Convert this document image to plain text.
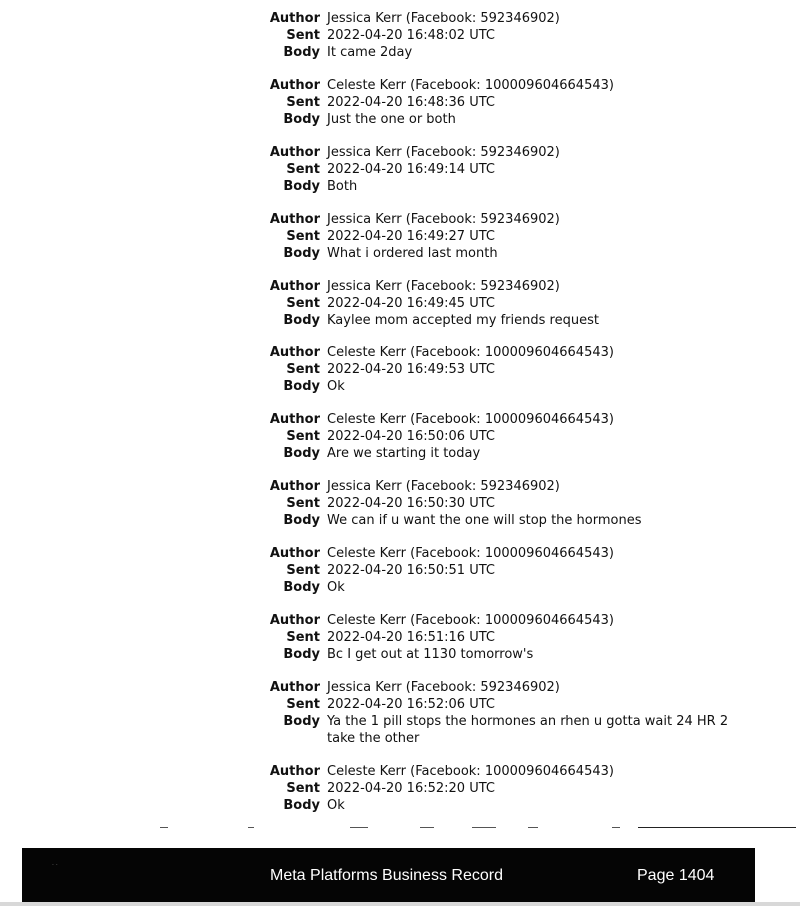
Author Jessica Kerr (Facebook: 592346902)
Sent 2022-04-20 16:48:02 UTC
Body It came 2day
Author Celeste Kerr (Facebook: 100009604664543)
Sent 2022-04-20 16:48:36 UTC
Body Just the one or both
Author Jessica Kerr (Facebook: 592346902)
Sent 2022-04-20 16:49:14 UTC
Body Both
Author Jessica Kerr (Facebook: 592346902)
Sent 2022-04-20 16:49:27 UTC
Body What i ordered last month
Author Jessica Kerr (Facebook: 592346902)
Sent 2022-04-20 16:49:45 UTC
Body Kaylee mom accepted my friends request
Author Celeste Kerr (Facebook: 100009604664543)
Sent 2022-04-20 16:49:53 UTC
Body Ok
Author Celeste Kerr (Facebook: 100009604664543)
Sent 2022-04-20 16:50:06 UTC
Body Are we starting it today
Author Jessica Kerr (Facebook: 592346902)
Sent 2022-04-20 16:50:30 UTC
Body We can if u want the one will stop the hormones
Author Celeste Kerr (Facebook: 100009604664543)
Sent 2022-04-20 16:50:51 UTC
Body Ok
Author Celeste Kerr (Facebook: 100009604664543)
Sent 2022-04-20 16:51:16 UTC
Body Bc I get out at 1130 tomorrow's
Author Jessica Kerr (Facebook: 592346902)
Sent 2022-04-20 16:52:06 UTC
Body Ya the 1 pill stops the hormones an rhen u gotta wait 24 HR 2 take the other
Author Celeste Kerr (Facebook: 100009604664543)
Sent 2022-04-20 16:52:20 UTC
Body Ok
· ·
Meta Platforms Business Record	Page 1404
